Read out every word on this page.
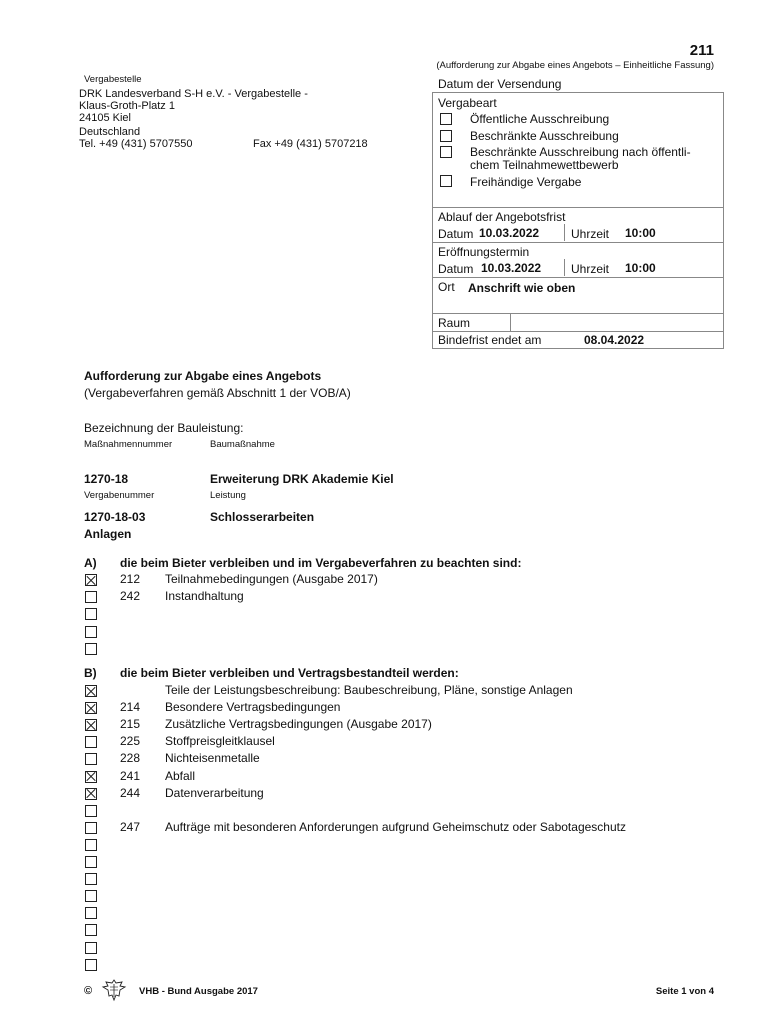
211
(Aufforderung zur Abgabe eines Angebots – Einheitliche Fassung)
Vergabestelle
DRK Landesverband S-H e.V. - Vergabestelle -
Klaus-Groth-Platz 1
24105 Kiel
Deutschland
Tel. +49 (431) 5707550	Fax +49 (431) 5707218
Datum der Versendung
Vergabeart
Öffentliche Ausschreibung
Beschränkte Ausschreibung
Beschränkte Ausschreibung nach öffentli-
chem Teilnahmewettbewerb
Freihändige Vergabe
Ablauf der Angebotsfrist
Datum 10.03.2022	Uhrzeit 10:00
Eröffnungstermin
Datum 10.03.2022 Uhrzeit 10:00
Ort Anschrift wie oben
Raum
Bindefrist endet am	08.04.2022
Aufforderung zur Abgabe eines Angebots
(Vergabeverfahren gemäß Abschnitt 1 der VOB/A)
Bezeichnung der Bauleistung:
Maßnahmennummer	Baumaßnahme
1270-18	Erweiterung DRK Akademie Kiel
Vergabenummer	Leistung
1270-18-03	Schlosserarbeiten
Anlagen
A) die beim Bieter verbleiben und im Vergabeverfahren zu beachten sind:
212 Teilnahmebedingungen (Ausgabe 2017)
242 Instandhaltung
B) die beim Bieter verbleiben und Vertragsbestandteil werden:
Teile der Leistungsbeschreibung: Baubeschreibung, Pläne, sonstige Anlagen
214 Besondere Vertragsbedingungen
215 Zusätzliche Vertragsbedingungen (Ausgabe 2017)
225 Stoffpreisgleitklausel
228 Nichteisenmetalle
241 Abfall
244 Datenverarbeitung
247 Aufträge mit besonderen Anforderungen aufgrund Geheimschutz oder Sabotageschutz
©	VHB - Bund Ausgabe 2017	Seite 1 von 4
